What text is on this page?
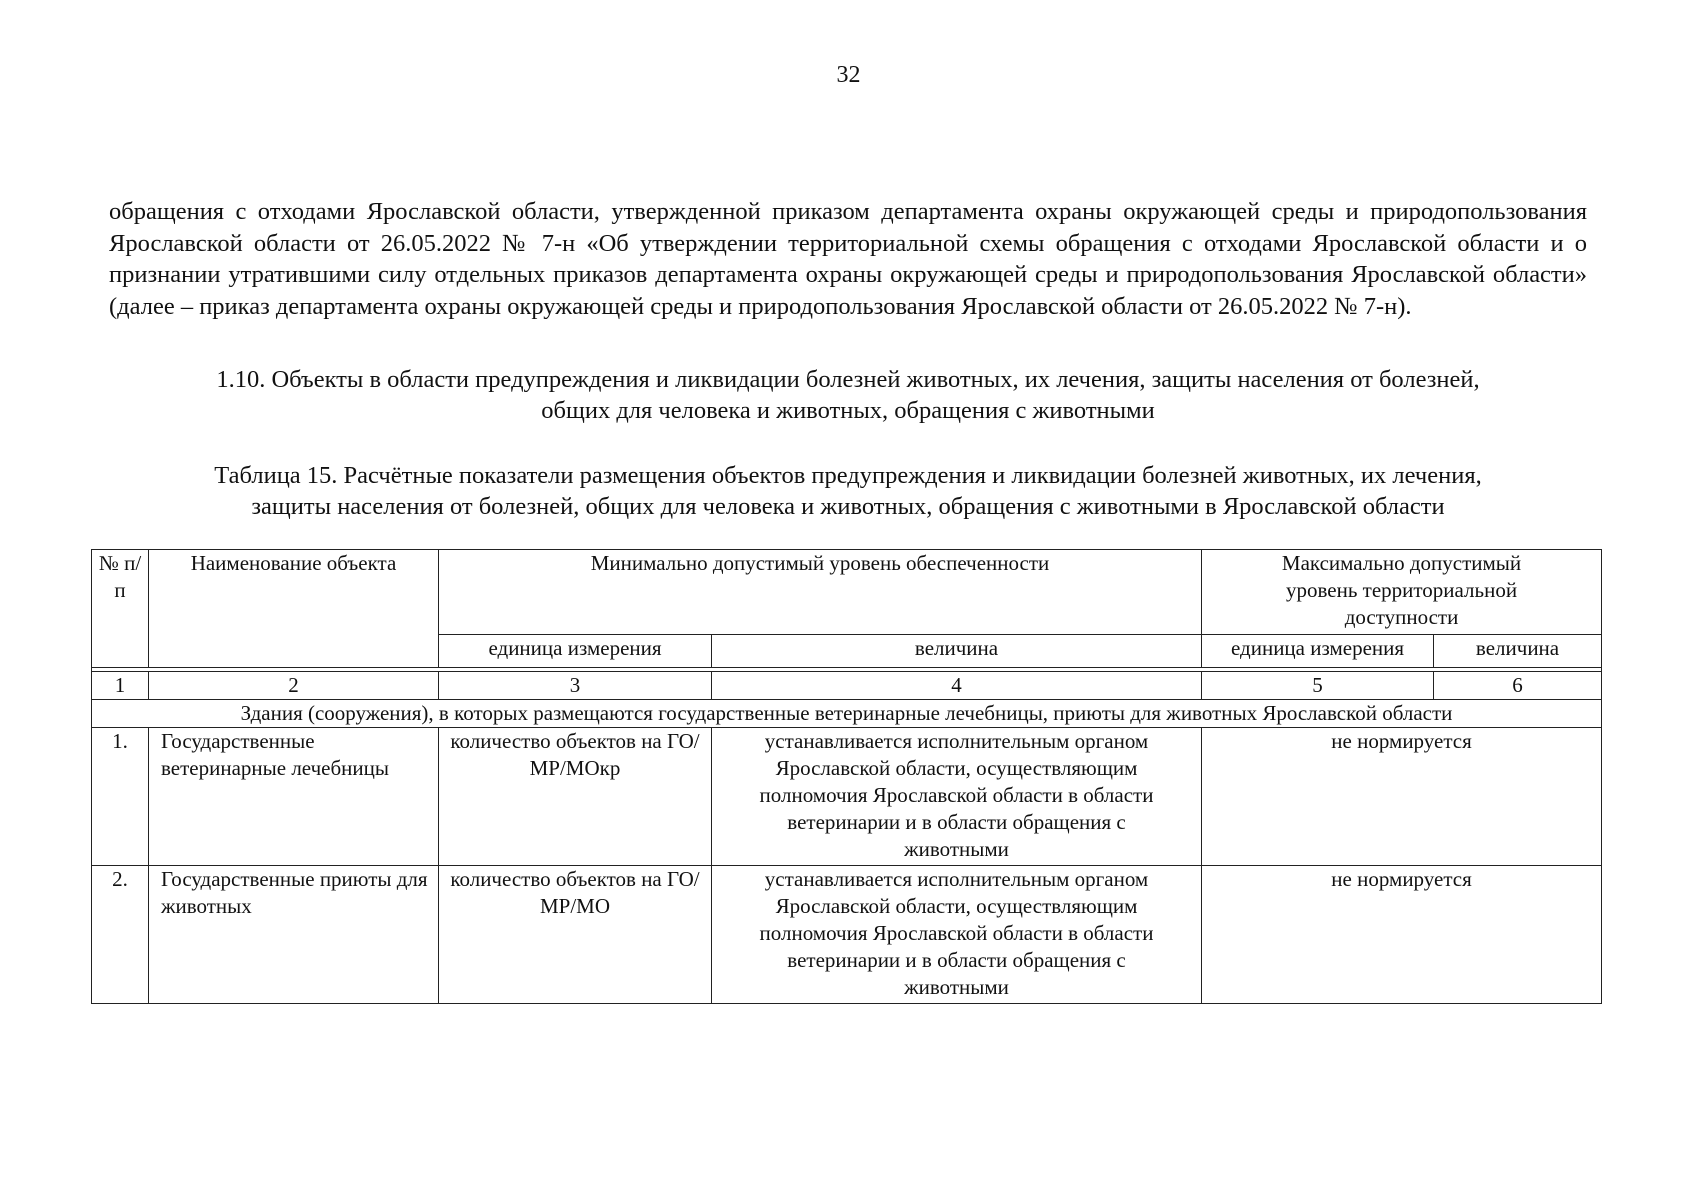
32

обращения с отходами Ярославской области, утвержденной приказом департамента охраны окружающей среды и природопользования Ярославской области от 26.05.2022 № 7-н «Об утверждении территориальной схемы обращения с отходами Ярославской области и о признании утратившими силу отдельных приказов департамента охраны окружающей среды и природопользования Ярославской области» (далее – приказ департамента охраны окружающей среды и природопользования Ярославской области от 26.05.2022 № 7-н).

1.10. Объекты в области предупреждения и ликвидации болезней животных, их лечения, защиты населения от болезней,
общих для человека и животных, обращения с животными
Таблица 15. Расчётные показатели размещения объектов предупреждения и ликвидации болезней животных, их лечения,
защиты населения от болезней, общих для человека и животных, обращения с животными в Ярославской области
№ п/п	Наименование объекта	Минимально допустимый уровень обеспеченности		Максимально допустимый уровень территориальной доступности	
		единица измерения	величина	единица измерения	величина

1	2	3	4	5	6
Здания (сооружения), в которых размещаются государственные ветеринарные лечебницы, приюты для животных Ярославской области					
1.	Государственные ветеринарные лечебницы	количество объектов на ГО/МР/МОкр	устанавливается исполнительным органом Ярославской области, осуществляющим полномочия Ярославской области в области ветеринарии и в области обращения с животными	не нормируется	
2.	Государственные приюты для животных	количество объектов на ГО/МР/МО	устанавливается исполнительным органом Ярославской области, осуществляющим полномочия Ярославской области в области ветеринарии и в области обращения с животными	не нормируется	
